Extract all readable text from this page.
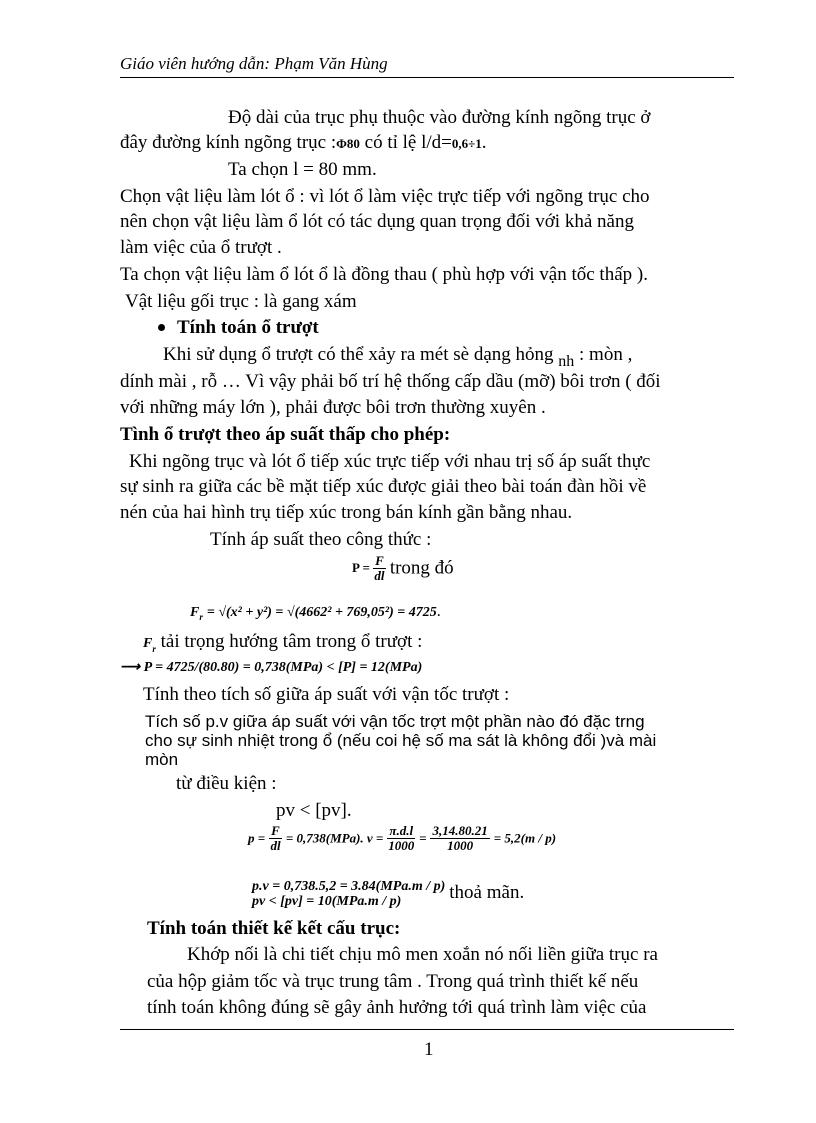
Giáo viên hướng dẫn: Phạm Văn Hùng
Độ dài của trục phụ thuộc vào đường kính ngõng trục ở
đây đường kính ngõng trục :Φ80 có tỉ lệ l/d=0,6÷1.
Ta chọn l = 80 mm.
Chọn vật liệu làm lót ổ : vì lót ổ làm việc trực tiếp với ngõng trục cho
nên chọn vật liệu làm ổ lót có tác dụng quan trọng đối với khả năng
làm việc của ổ trượt .
Ta chọn vật liệu làm ổ lót ổ là đồng thau ( phù hợp với vận tốc thấp ).
Vật liệu gối trục : là gang xám
Tính toán ổ trượt
Khi sử dụng ổ trượt có thể xảy ra mét sè dạng hỏng $_{nh}$ : mòn ,
dính mài , rỗ … Vì vậy phải bố trí hệ thống cấp dầu (mỡ) bôi trơn ( đối
với những máy lớn ), phải được bôi trơn thường xuyên .
Tình ổ trượt theo áp suất thấp cho phép:
Khi ngõng trục và lót ổ tiếp xúc trực tiếp với nhau trị số áp suất thực
sự sinh ra giữa các bề mặt tiếp xúc được giải theo bài toán đàn hồi về
nén của hai hình trụ tiếp xúc trong bán kính gần bằng nhau.
Tính áp suất theo công thức :
$P = \frac{F}{dl}$ trong đó
$F_r = √(x^2 + y^2) = √(4662^2 + 769,05^2) = 4725$.
$F_r$ tải trọng hướng tâm trong ổ trượt :
⟶ P = 4725/(80.80) = 0,738(MPa) < [P] = 12(MPa)
Tính theo tích số giữa áp suất với vận tốc trượt :
Tích số p.v giữa áp suất với vận tốc trợt một phần nào đó đặc trng
cho sự sinh nhiệt trong ổ (nếu coi hệ số ma sát là không đổi )và mài
mòn
từ điều kiện :
pv < [pv].
$p = \frac{F}{dl} = 0,738(MPa)$. $v = \frac{\pi.d.l}{1000} = \frac{3,14.80.21}{1000} = 5,2(m / p)$
p.v = 0,738.5,2 = 3.84(MPa.m / p) thoả mãn.
pv < [pv] = 10(MPa.m / p)
Tính toán thiết kế kết cấu trục:
Khớp nối là chi tiết chịu mô men xoắn nó nối liền giữa trục ra
của hộp giảm tốc và trục trung tâm . Trong quá trình thiết kế nếu
tính toán không đúng sẽ gây ảnh hưởng tới quá trình làm việc của
1
